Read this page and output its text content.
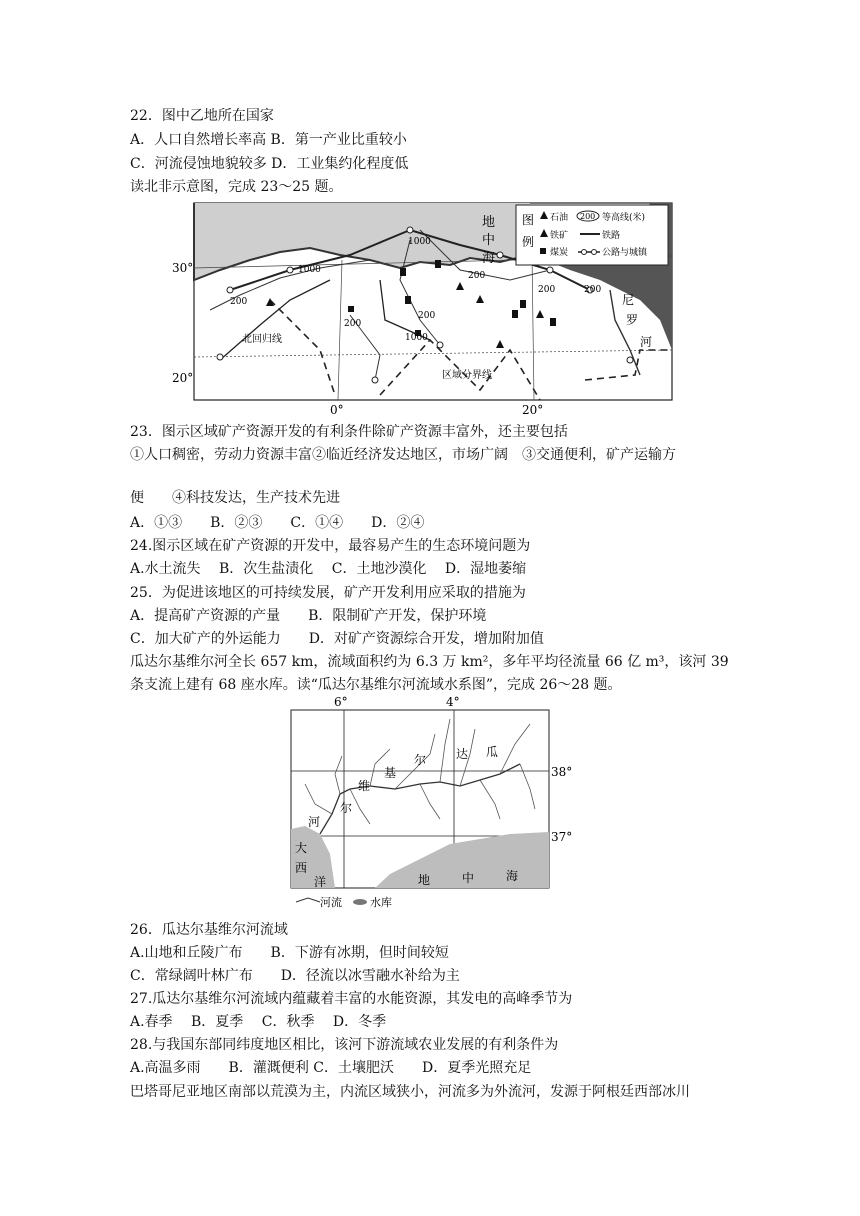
22．图中乙地所在国家
A．人口自然增长率高 B．第一产业比重较小
C．河流侵蚀地貌较多 D．工业集约化程度低
读北非示意图，完成 23～25 题。
30°
20°
0°	20°
1000
1000
200
200
200
200
1000
200
200
地
中
海
尼
罗
河
北回归线
区域分界线
图
例
石油 200 等高线(米)
铁矿	铁路
煤炭	公路与城镇
23．图示区域矿产资源开发的有利条件除矿产资源丰富外，还主要包括
①人口稠密，劳动力资源丰富②临近经济发达地区，市场广阔　③交通便利，矿产运输方
便　　④科技发达，生产技术先进
A．①③　　B．②③　　C．①④　　D．②④
24.图示区域在矿产资源的开发中，最容易产生的生态环境问题为
A.水土流失　 B．次生盐渍化　 C．土地沙漠化　 D．湿地萎缩
25．为促进该地区的可持续发展，矿产开发利用应采取的措施为
A．提高矿产资源的产量　　B．限制矿产开发，保护环境
C．加大矿产的外运能力　　D．对矿产资源综合开发，增加附加值
瓜达尔基维尔河全长 657 km，流域面积约为 6.3 万 km²，多年平均径流量 66 亿 m³，该河 39
条支流上建有 68 座水库。读“瓜达尔基维尔河流域水系图”，完成 26～28 题。
6°	4°
38°
37°
瓜
达
尔
基
维
尔
河
大
西
洋	地	中	海
河流	水库
26．瓜达尔基维尔河流域
A.山地和丘陵广布　　B．下游有冰期，但时间较短
C．常绿阔叶林广布　　D．径流以冰雪融水补给为主
27.瓜达尔基维尔河流域内蕴藏着丰富的水能资源，其发电的高峰季节为
A.春季　 B．夏季　 C．秋季　 D．冬季
28.与我国东部同纬度地区相比，该河下游流域农业发展的有利条件为
A.高温多雨　　B．灌溉便利 C．土壤肥沃　　D．夏季光照充足
巴塔哥尼亚地区南部以荒漠为主，内流区域狭小，河流多为外流河，发源于阿根廷西部冰川
